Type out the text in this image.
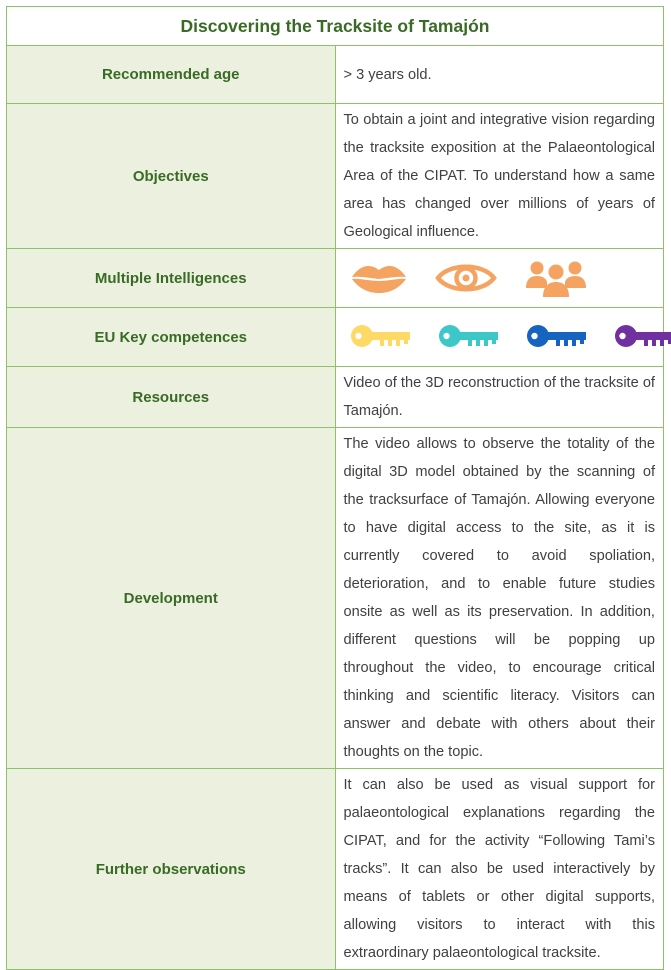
Discovering the Tracksite of Tamajón	
Recommended age	> 3 years old.
Objectives	To obtain a joint and integrative vision regarding the tracksite exposition at the Palaeontological Area of the CIPAT. To understand how a same area has changed over millions of years of Geological influence.
Multiple Intelligences	

EU Key competences	

Resources	Video of the 3D reconstruction of the tracksite of Tamajón.
Development	The video allows to observe the totality of the digital 3D model obtained by the scanning of the tracksurface of Tamajón. Allowing everyone to have digital access to the site, as it is currently covered to avoid spoliation, deterioration, and to enable future studies onsite as well as its preservation. In addition, different questions will be popping up throughout the video, to encourage critical thinking and scientific literacy. Visitors can answer and debate with others about their thoughts on the topic.
Further observations	It can also be used as visual support for palaeontological explanations regarding the CIPAT, and for the activity “Following Tami’s tracks”. It can also be used interactively by means of tablets or other digital supports, allowing visitors to interact with this extraordinary palaeontological tracksite.
